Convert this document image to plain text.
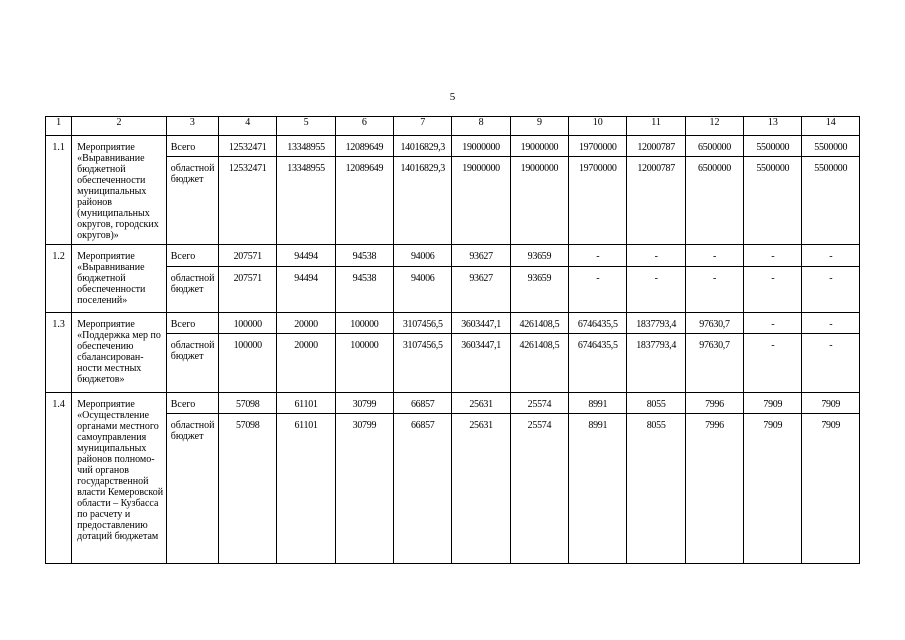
5
1	2	3	4	5	6	7	8	9	10	11	12	13	14
1.1	Мероприятие «Выравнивание бюджетной обеспеченности муниципальных районов (муниципальных округов, городских округов)»	Всего	12532471	13348955	12089649	14016829,3	19000000	19000000	19700000	12000787	6500000	5500000	5500000
		областной бюджет	12532471	13348955	12089649	14016829,3	19000000	19000000	19700000	12000787	6500000	5500000	5500000
1.2	Мероприятие «Выравнивание бюджетной обеспеченности поселений»	Всего	207571	94494	94538	94006	93627	93659	-	-	-	-	-
		областной бюджет	207571	94494	94538	94006	93627	93659	-	-	-	-	-
1.3	Мероприятие «Поддержка мер по обеспечению сбалансирован-ности местных бюджетов»	Всего	100000	20000	100000	3107456,5	3603447,1	4261408,5	6746435,5	1837793,4	97630,7	-	-
		областной бюджет	100000	20000	100000	3107456,5	3603447,1	4261408,5	6746435,5	1837793,4	97630,7	-	-
1.4	Мероприятие «Осуществление органами местного самоуправления муниципальных районов полномо-чий органов государственной власти Кемеровской области – Кузбасса по расчету и предоставлению дотаций бюджетам	Всего	57098	61101	30799	66857	25631	25574	8991	8055	7996	7909	7909
		областной бюджет	57098	61101	30799	66857	25631	25574	8991	8055	7996	7909	7909
